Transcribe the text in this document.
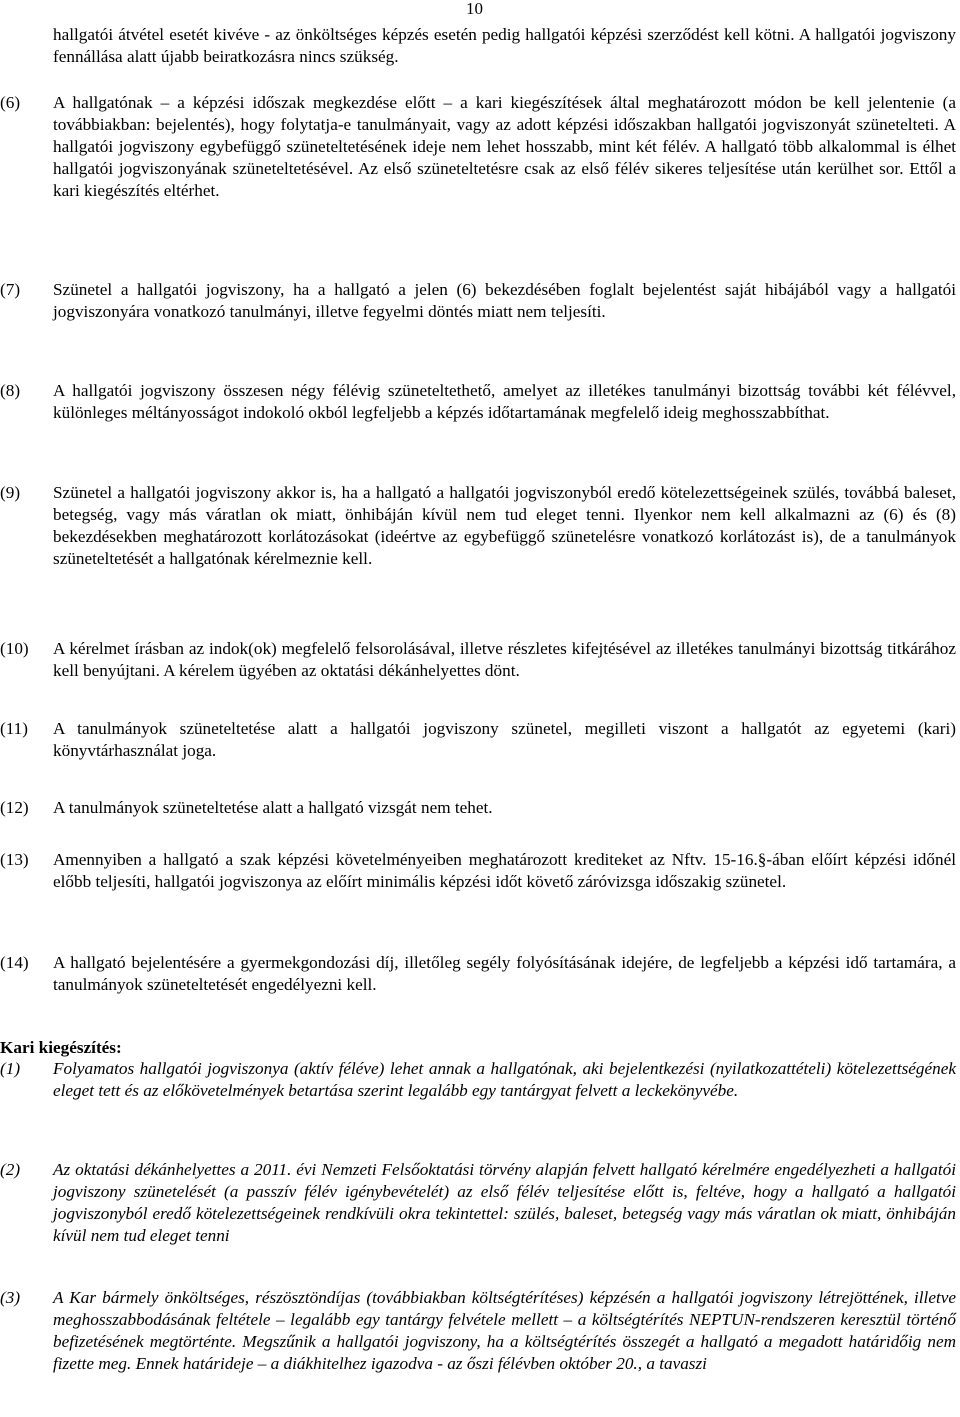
10
hallgatói átvétel esetét kivéve - az önköltséges képzés esetén pedig hallgatói képzési szerződést kell kötni. A hallgatói jogviszony fennállása alatt újabb beiratkozásra nincs szükség.
(6)	A hallgatónak – a képzési időszak megkezdése előtt – a kari kiegészítések által meghatározott módon be kell jelentenie (a továbbiakban: bejelentés), hogy folytatja-e tanulmányait, vagy az adott képzési időszakban hallgatói jogviszonyát szünetelteti. A hallgatói jogviszony egybefüggő szüneteltetésének ideje nem lehet hosszabb, mint két félév. A hallgató több alkalommal is élhet hallgatói jogviszonyának szüneteltetésével. Az első szüneteltetésre csak az első félév sikeres teljesítése után kerülhet sor. Ettől a kari kiegészítés eltérhet.
(7)	Szünetel a hallgatói jogviszony, ha a hallgató a jelen (6) bekezdésében foglalt bejelentést saját hibájából vagy a hallgatói jogviszonyára vonatkozó tanulmányi, illetve fegyelmi döntés miatt nem teljesíti.
(8)	A hallgatói jogviszony összesen négy félévig szüneteltethető, amelyet az illetékes tanulmányi bizottság további két félévvel, különleges méltányosságot indokoló okból legfeljebb a képzés időtartamának megfelelő ideig meghosszabbíthat.
(9)	Szünetel a hallgatói jogviszony akkor is, ha a hallgató a hallgatói jogviszonyból eredő kötelezettségeinek szülés, továbbá baleset, betegség, vagy más váratlan ok miatt, önhibáján kívül nem tud eleget tenni. Ilyenkor nem kell alkalmazni az (6) és (8) bekezdésekben meghatározott korlátozásokat (ideértve az egybefüggő szünetelésre vonatkozó korlátozást is), de a tanulmányok szüneteltetését a hallgatónak kérelmeznie kell.
(10)	A kérelmet írásban az indok(ok) megfelelő felsorolásával, illetve részletes kifejtésével az illetékes tanulmányi bizottság titkárához kell benyújtani. A kérelem ügyében az oktatási dékánhelyettes dönt.
(11)	A tanulmányok szüneteltetése alatt a hallgatói jogviszony szünetel, megilleti viszont a hallgatót az egyetemi (kari) könyvtárhasználat joga.
(12)	A tanulmányok szüneteltetése alatt a hallgató vizsgát nem tehet.
(13)	Amennyiben a hallgató a szak képzési követelményeiben meghatározott krediteket az Nftv. 15-16.§-ában előírt képzési időnél előbb teljesíti, hallgatói jogviszonya az előírt minimális képzési időt követő záróvizsga időszakig szünetel.
(14)	A hallgató bejelentésére a gyermekgondozási díj, illetőleg segély folyósításának idejére, de legfeljebb a képzési idő tartamára, a tanulmányok szüneteltetését engedélyezni kell.
Kari kiegészítés:
(1)	Folyamatos hallgatói jogviszonya (aktív féléve) lehet annak a hallgatónak, aki bejelentkezési (nyilatkozattételi) kötelezettségének eleget tett és az előkövetelmények betartása szerint legalább egy tantárgyat felvett a leckekönyvébe.
(2)	Az oktatási dékánhelyettes a 2011. évi Nemzeti Felsőoktatási törvény alapján felvett hallgató kérelmére engedélyezheti a hallgatói jogviszony szünetelését (a passzív félév igénybevételét) az első félév teljesítése előtt is, feltéve, hogy a hallgató a hallgatói jogviszonyból eredő kötelezettségeinek rendkívüli okra tekintettel: szülés, baleset, betegség vagy más váratlan ok miatt, önhibáján kívül nem tud eleget tenni
(3)	A Kar bármely önköltséges, részösztöndíjas (továbbiakban költségtérítéses) képzésén a hallgatói jogviszony létrejöttének, illetve meghosszabbodásának feltétele – legalább egy tantárgy felvétele mellett – a költségtérítés NEPTUN-rendszeren keresztül történő befizetésének megtörténte. Megszűnik a hallgatói jogviszony, ha a költségtérítés összegét a hallgató a megadott határidőig nem fizette meg. Ennek határideje – a diákhitelhez igazodva - az őszi félévben október 20., a tavaszi
